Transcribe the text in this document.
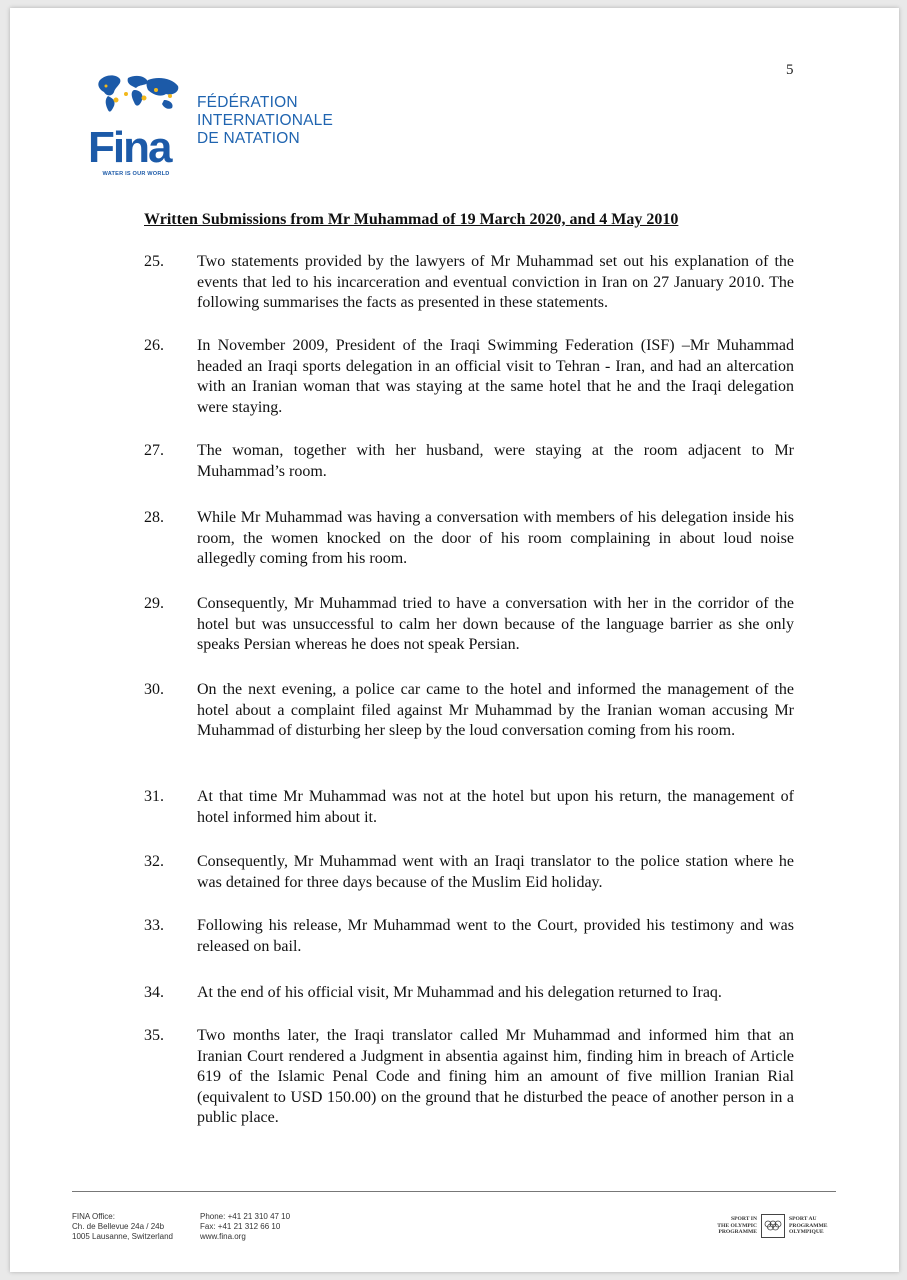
5
Fina
WATER IS OUR WORLD
FÉDÉRATION
INTERNATIONALE
DE NATATION
Written Submissions from Mr Muhammad of 19 March 2020, and 4 May 2010
25. Two statements provided by the lawyers of Mr Muhammad set out his explanation of the events that led to his incarceration and eventual conviction in Iran on 27 January 2010. The following summarises the facts as presented in these statements.
26. In November 2009, President of the Iraqi Swimming Federation (ISF) –Mr Muhammad headed an Iraqi sports delegation in an official visit to Tehran - Iran, and had an altercation with an Iranian woman that was staying at the same hotel that he and the Iraqi delegation were staying.
27. The woman, together with her husband, were staying at the room adjacent to Mr Muhammad’s room.
28. While Mr Muhammad was having a conversation with members of his delegation inside his room, the women knocked on the door of his room complaining in about loud noise allegedly coming from his room.
29. Consequently, Mr Muhammad tried to have a conversation with her in the corridor of the hotel but was unsuccessful to calm her down because of the language barrier as she only speaks Persian whereas he does not speak Persian.
30. On the next evening, a police car came to the hotel and informed the management of the hotel about a complaint filed against Mr Muhammad by the Iranian woman accusing Mr Muhammad of disturbing her sleep by the loud conversation coming from his room.
31. At that time Mr Muhammad was not at the hotel but upon his return, the management of hotel informed him about it.
32. Consequently, Mr Muhammad went with an Iraqi translator to the police station where he was detained for three days because of the Muslim Eid holiday.
33. Following his release, Mr Muhammad went to the Court, provided his testimony and was released on bail.
34. At the end of his official visit, Mr Muhammad and his delegation returned to Iraq.
35. Two months later, the Iraqi translator called Mr Muhammad and informed him that an Iranian Court rendered a Judgment in absentia against him, finding him in breach of Article 619 of the Islamic Penal Code and fining him an amount of five million Iranian Rial (equivalent to USD 150.00) on the ground that he disturbed the peace of another person in a public place.
FINA Office:
Ch. de Bellevue 24a / 24b
1005 Lausanne, Switzerland
Phone: +41 21 310 47 10
Fax: +41 21 312 66 10
www.fina.org
SPORT IN
THE OLYMPIC
PROGRAMME
SPORT AU
PROGRAMME
OLYMPIQUE
